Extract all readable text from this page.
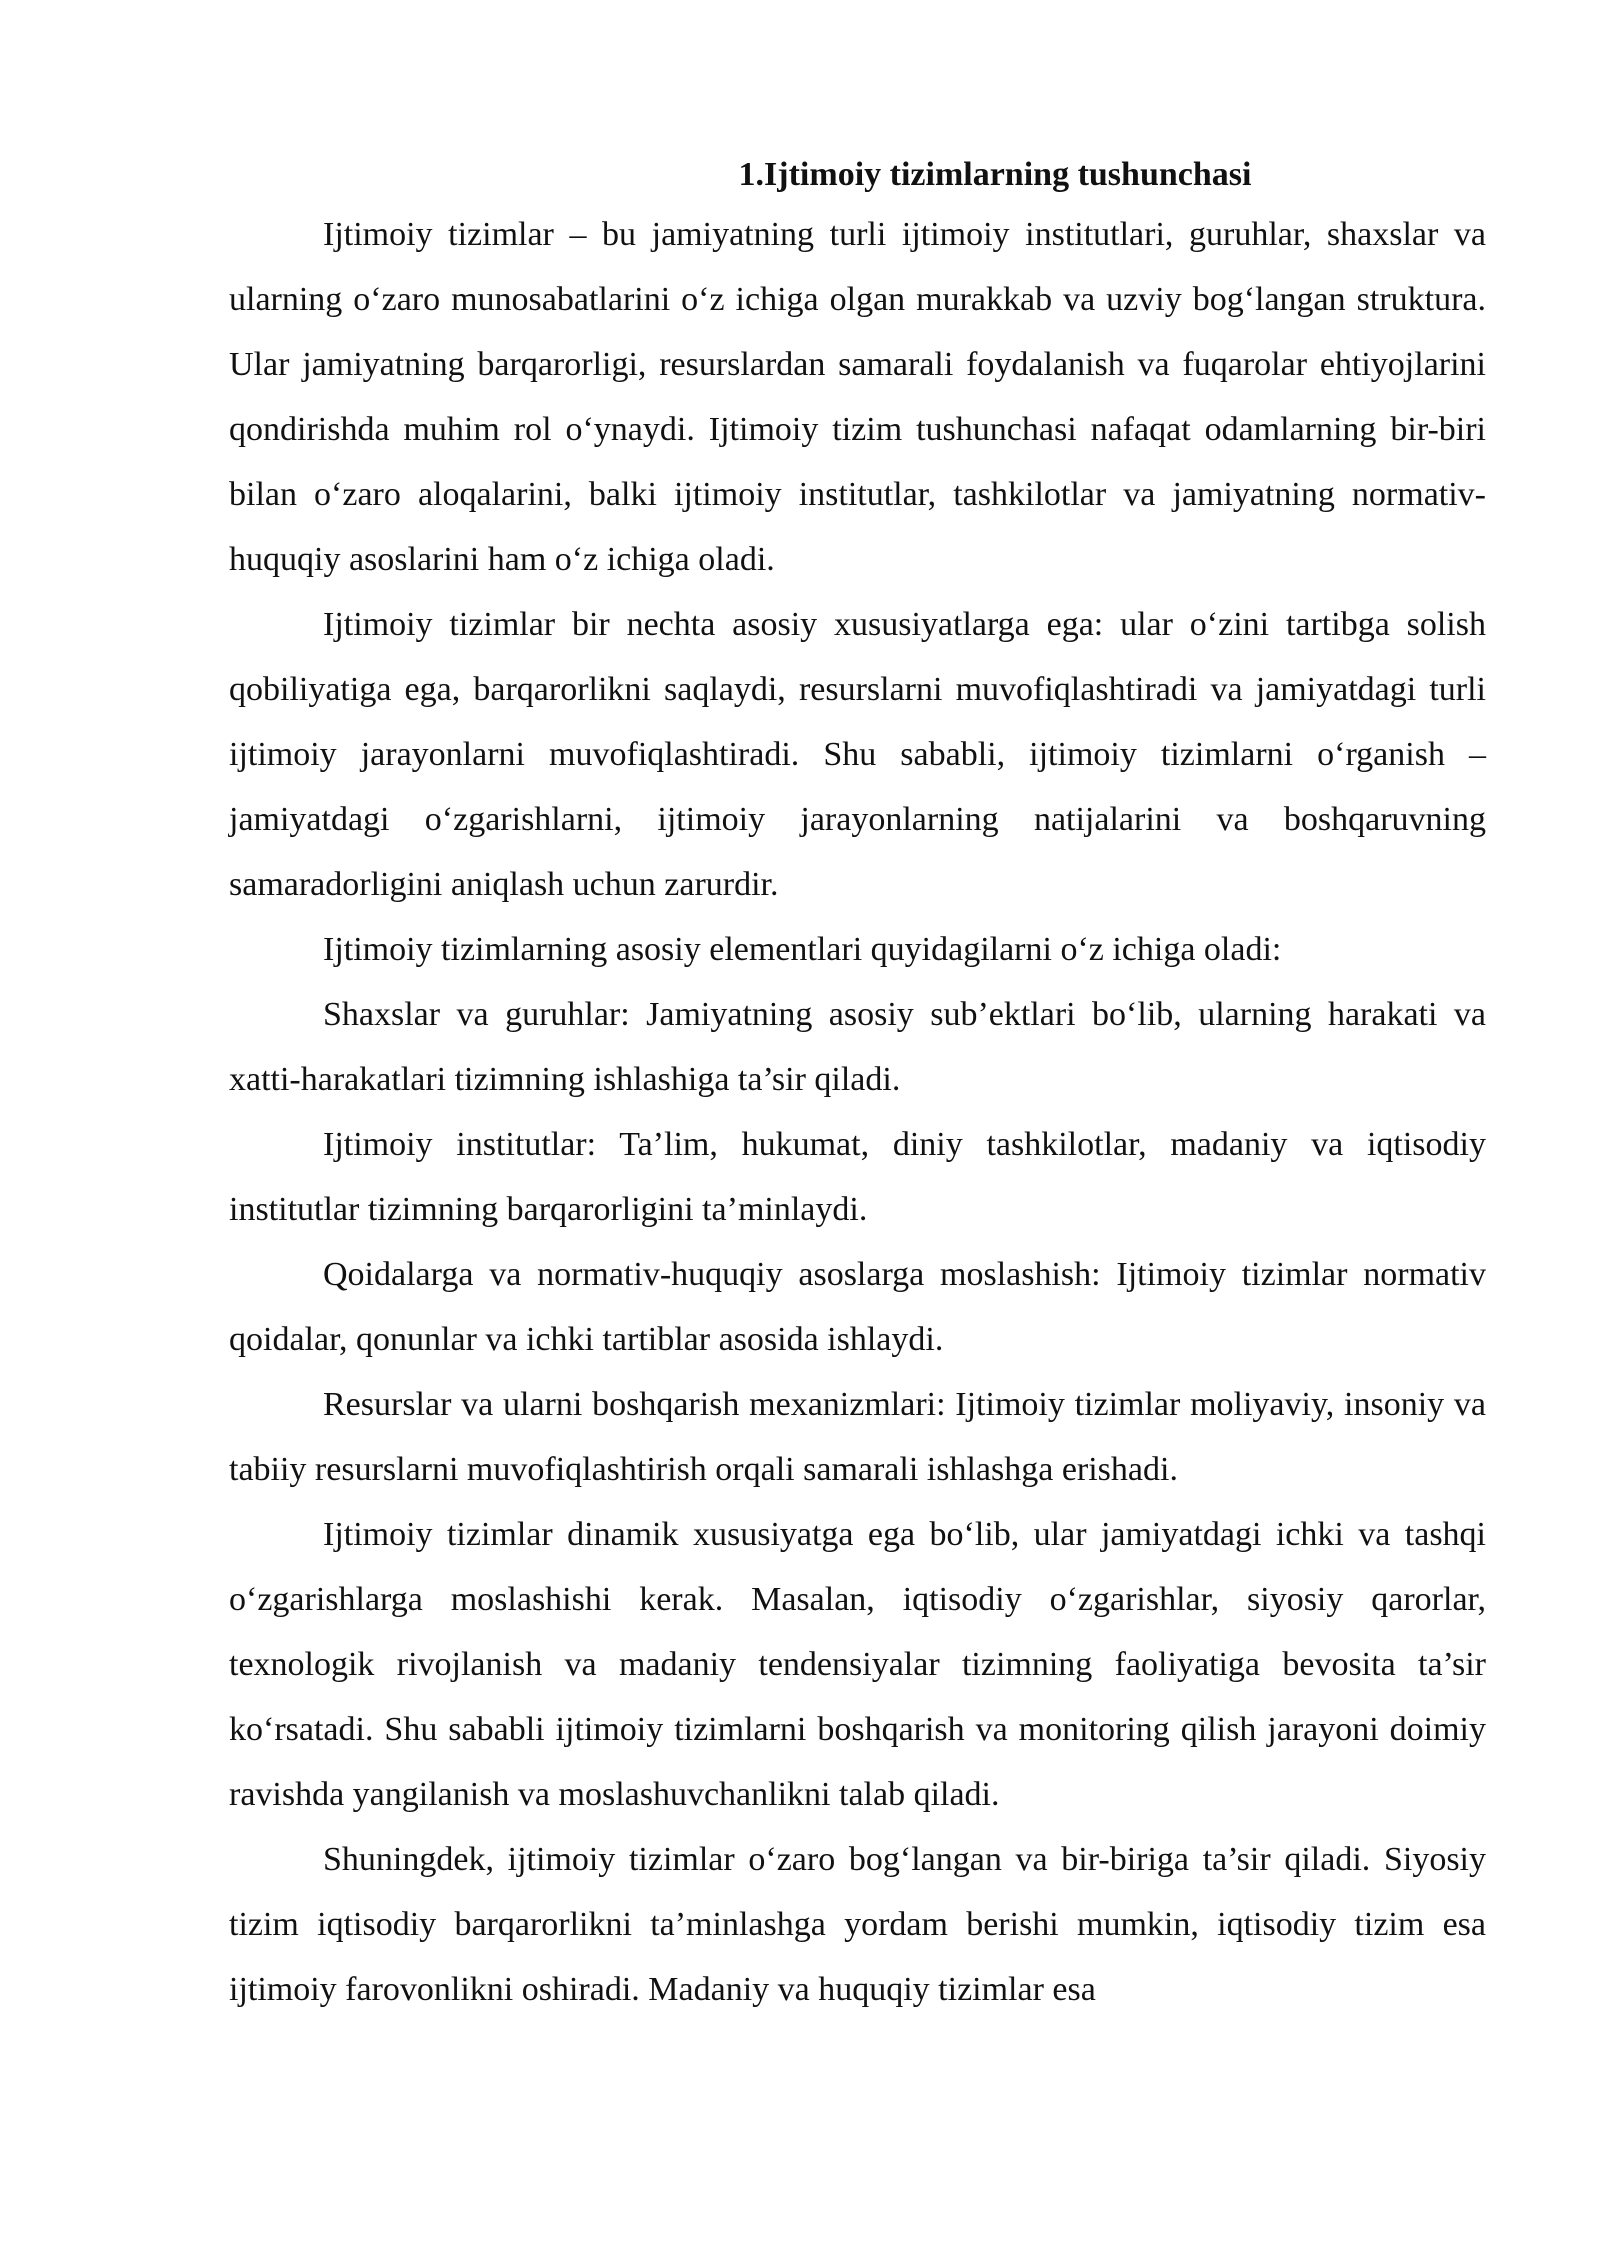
1.Ijtimoiy tizimlarning tushunchasi

Ijtimoiy tizimlar – bu jamiyatning turli ijtimoiy institutlari, guruhlar, shaxslar va ularning o‘zaro munosabatlarini o‘z ichiga olgan murakkab va uzviy bog‘langan struktura. Ular jamiyatning barqarorligi, resurslardan samarali foydalanish va fuqarolar ehtiyojlarini qondirishda muhim rol o‘ynaydi. Ijtimoiy tizim tushunchasi nafaqat odamlarning bir-biri bilan o‘zaro aloqalarini, balki ijtimoiy institutlar, tashkilotlar va jamiyatning normativ-huquqiy asoslarini ham o‘z ichiga oladi.

Ijtimoiy tizimlar bir nechta asosiy xususiyatlarga ega: ular o‘zini tartibga solish qobiliyatiga ega, barqarorlikni saqlaydi, resurslarni muvofiqlashtiradi va jamiyatdagi turli ijtimoiy jarayonlarni muvofiqlashtiradi. Shu sababli, ijtimoiy tizimlarni o‘rganish – jamiyatdagi o‘zgarishlarni, ijtimoiy jarayonlarning natijalarini va boshqaruvning samaradorligini aniqlash uchun zarurdir.

Ijtimoiy tizimlarning asosiy elementlari quyidagilarni o‘z ichiga oladi:

Shaxslar va guruhlar: Jamiyatning asosiy sub’ektlari bo‘lib, ularning harakati va xatti-harakatlari tizimning ishlashiga ta’sir qiladi.

Ijtimoiy institutlar: Ta’lim, hukumat, diniy tashkilotlar, madaniy va iqtisodiy institutlar tizimning barqarorligini ta’minlaydi.

Qoidalarga va normativ-huquqiy asoslarga moslashish: Ijtimoiy tizimlar normativ qoidalar, qonunlar va ichki tartiblar asosida ishlaydi.

Resurslar va ularni boshqarish mexanizmlari: Ijtimoiy tizimlar moliyaviy, insoniy va tabiiy resurslarni muvofiqlashtirish orqali samarali ishlashga erishadi.

Ijtimoiy tizimlar dinamik xususiyatga ega bo‘lib, ular jamiyatdagi ichki va tashqi o‘zgarishlarga moslashishi kerak. Masalan, iqtisodiy o‘zgarishlar, siyosiy qarorlar, texnologik rivojlanish va madaniy tendensiyalar tizimning faoliyatiga bevosita ta’sir ko‘rsatadi. Shu sababli ijtimoiy tizimlarni boshqarish va monitoring qilish jarayoni doimiy ravishda yangilanish va moslashuvchanlikni talab qiladi.

Shuningdek, ijtimoiy tizimlar o‘zaro bog‘langan va bir-biriga ta’sir qiladi. Siyosiy tizim iqtisodiy barqarorlikni ta’minlashga yordam berishi mumkin, iqtisodiy tizim esa ijtimoiy farovonlikni oshiradi. Madaniy va huquqiy tizimlar esa
